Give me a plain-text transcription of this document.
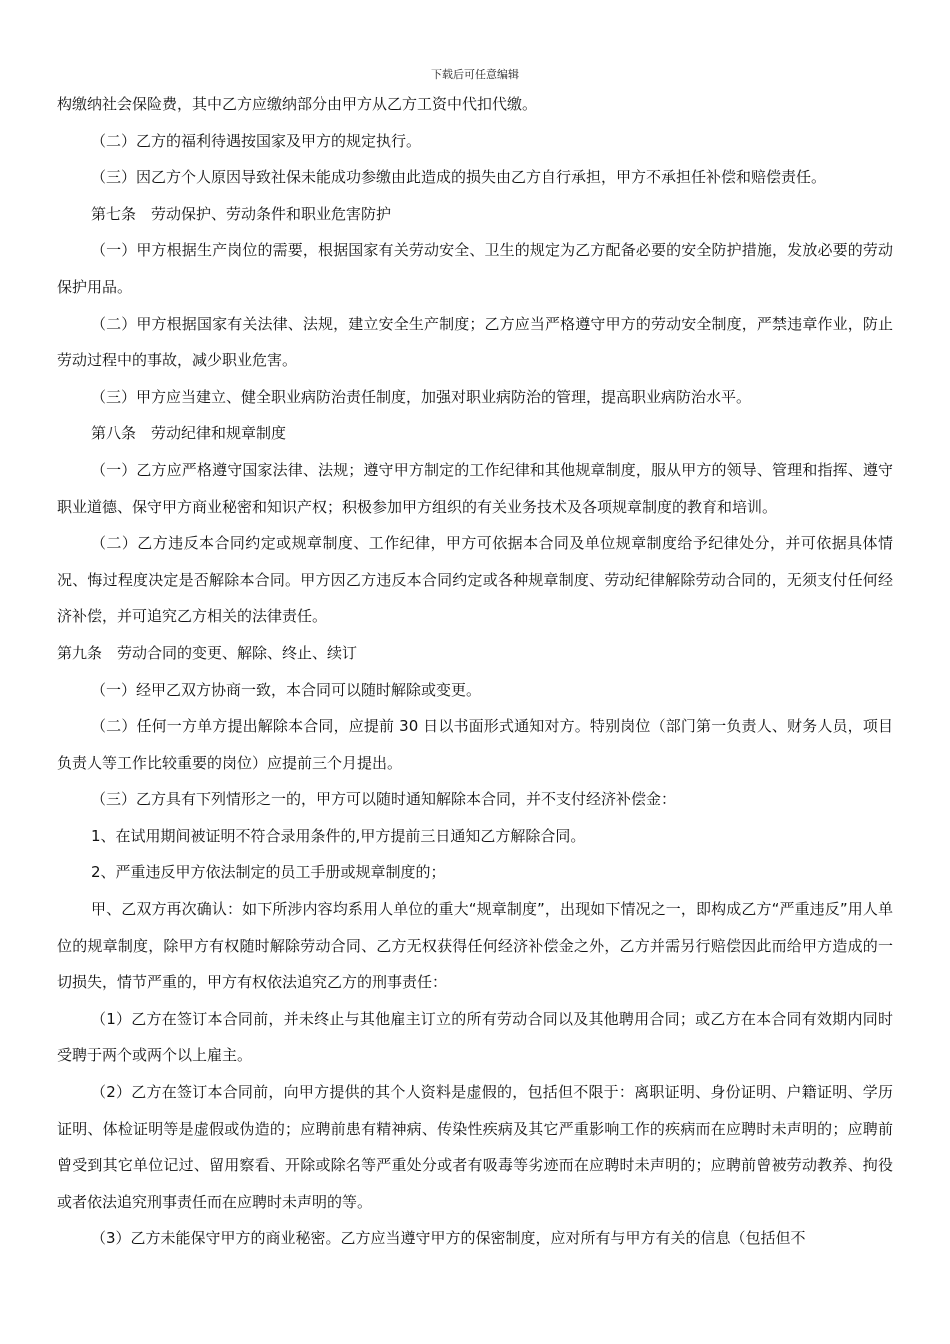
下载后可任意编辑

构缴纳社会保险费，其中乙方应缴纳部分由甲方从乙方工资中代扣代缴。

（二）乙方的福利待遇按国家及甲方的规定执行。

（三）因乙方个人原因导致社保未能成功参缴由此造成的损失由乙方自行承担，甲方不承担任补偿和赔偿责任。

第七条　劳动保护、劳动条件和职业危害防护

（一）甲方根据生产岗位的需要，根据国家有关劳动安全、卫生的规定为乙方配备必要的安全防护措施，发放必要的劳动保护用品。

（二）甲方根据国家有关法律、法规，建立安全生产制度；乙方应当严格遵守甲方的劳动安全制度，严禁违章作业，防止劳动过程中的事故，减少职业危害。

（三）甲方应当建立、健全职业病防治责任制度，加强对职业病防治的管理，提高职业病防治水平。

第八条　劳动纪律和规章制度

（一）乙方应严格遵守国家法律、法规；遵守甲方制定的工作纪律和其他规章制度，服从甲方的领导、管理和指挥、遵守职业道德、保守甲方商业秘密和知识产权；积极参加甲方组织的有关业务技术及各项规章制度的教育和培训。

（二）乙方违反本合同约定或规章制度、工作纪律，甲方可依据本合同及单位规章制度给予纪律处分，并可依据具体情况、悔过程度决定是否解除本合同。甲方因乙方违反本合同约定或各种规章制度、劳动纪律解除劳动合同的，无须支付任何经济补偿，并可追究乙方相关的法律责任。

第九条　劳动合同的变更、解除、终止、续订

（一）经甲乙双方协商一致，本合同可以随时解除或变更。

（二）任何一方单方提出解除本合同，应提前 30 日以书面形式通知对方。特别岗位（部门第一负责人、财务人员，项目负责人等工作比较重要的岗位）应提前三个月提出。

（三）乙方具有下列情形之一的，甲方可以随时通知解除本合同，并不支付经济补偿金：

1、在试用期间被证明不符合录用条件的,甲方提前三日通知乙方解除合同。

2、严重违反甲方依法制定的员工手册或规章制度的；

甲、乙双方再次确认：如下所涉内容均系用人单位的重大“规章制度”，出现如下情况之一，即构成乙方“严重违反”用人单位的规章制度，除甲方有权随时解除劳动合同、乙方无权获得任何经济补偿金之外，乙方并需另行赔偿因此而给甲方造成的一切损失，情节严重的，甲方有权依法追究乙方的刑事责任：

（1）乙方在签订本合同前，并未终止与其他雇主订立的所有劳动合同以及其他聘用合同；或乙方在本合同有效期内同时受聘于两个或两个以上雇主。

（2）乙方在签订本合同前，向甲方提供的其个人资料是虚假的，包括但不限于：离职证明、身份证明、户籍证明、学历证明、体检证明等是虚假或伪造的；应聘前患有精神病、传染性疾病及其它严重影响工作的疾病而在应聘时未声明的；应聘前曾受到其它单位记过、留用察看、开除或除名等严重处分或者有吸毒等劣迹而在应聘时未声明的；应聘前曾被劳动教养、拘役或者依法追究刑事责任而在应聘时未声明的等。

（3）乙方未能保守甲方的商业秘密。乙方应当遵守甲方的保密制度，应对所有与甲方有关的信息（包括但不
